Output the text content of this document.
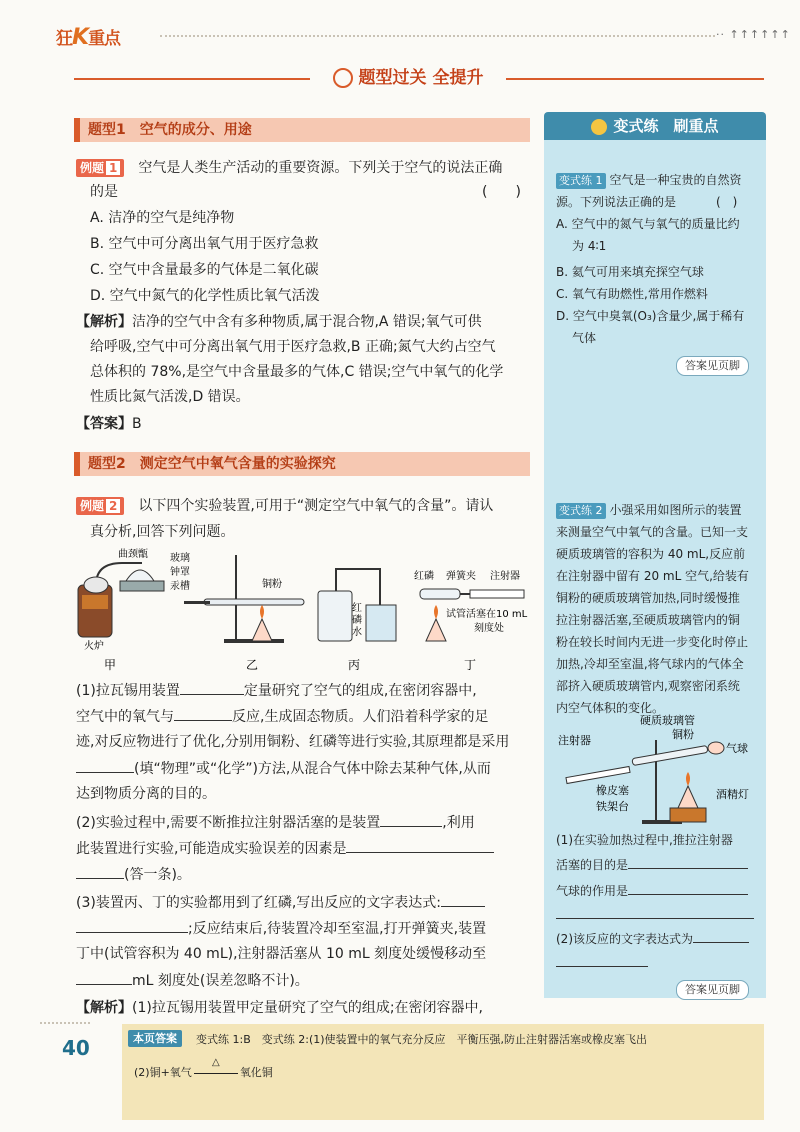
狂K重点	·· ↑↑↑↑↑↑
题型过关 全提升
题型1　空气的成分、用途
例题 1 空气是人类生产活动的重要资源。下列关于空气的说法正确
的是	(　　)
A. 洁净的空气是纯净物
B. 空气中可分离出氧气用于医疗急救
C. 空气中含量最多的气体是二氧化碳
D. 空气中氮气的化学性质比氧气活泼
【解析】洁净的空气中含有多种物质,属于混合物,A 错误;氧气可供
给呼吸,空气中可分离出氧气用于医疗急救,B 正确;氮气大约占空气
总体积的 78%,是空气中含量最多的气体,C 错误;空气中氧气的化学
性质比氮气活泼,D 错误。
【答案】B
题型2　测定空气中氧气含量的实验探究
例题 2 以下四个实验装置,可用于“测定空气中氧气的含量”。请认
真分析,回答下列问题。
曲颈甑 玻璃
钟罩
汞槽
火炉
铜粉
红
磷
水
红磷 弹簧夹 注射器
试管 活塞在10 mL
刻度处
甲	乙	丙	丁
(1)拉瓦锡用装置	定量研究了空气的组成,在密闭容器中,
空气中的氧气与	反应,生成固态物质。人们沿着科学家的足
迹,对反应物进行了优化,分别用铜粉、红磷等进行实验,其原理都是采用
(填“物理”或“化学”)方法,从混合气体中除去某种气体,从而
达到物质分离的目的。
(2)实验过程中,需要不断推拉注射器活塞的是装置	,利用
此装置进行实验,可能造成实验误差的因素是
(答一条)。
(3)装置丙、丁的实验都用到了红磷,写出反应的文字表达式:
;反应结束后,待装置冷却至室温,打开弹簧夹,装置
丁中(试管容积为 40 mL),注射器活塞从 10 mL 刻度处缓慢移动至
mL 刻度处(误差忽略不计)。
【解析】(1)拉瓦锡用装置甲定量研究了空气的组成;在密闭容器中,
变式练　刷重点
变式练 1 空气是一种宝贵的自然资
源。下列说法正确的是	(　)
A. 空气中的氮气与氧气的质量比约
为 4∶1
B. 氦气可用来填充探空气球
C. 氧气有助燃性,常用作燃料
D. 空气中臭氧(O₃)含量少,属于稀有
气体
答案见页脚
变式练 2 小强采用如图所示的装置
来测量空气中氧气的含量。已知一支
硬质玻璃管的容积为 40 mL,反应前
在注射器中留有 20 mL 空气,给装有
铜粉的硬质玻璃管加热,同时缓慢推
拉注射器活塞,至硬质玻璃管内的铜
粉在较长时间内无进一步变化时停止
加热,冷却至室温,将气球内的气体全
部挤入硬质玻璃管内,观察密闭系统
内空气体积的变化。
硬质玻璃管
铜粉
注射器
气球
橡皮塞	酒精灯
铁架台
(1)在实验加热过程中,推拉注射器
活塞的目的是
气球的作用是
(2)该反应的文字表达式为
答案见页脚
40	本页答案	变式练 1:B　变式练 2:(1)使装置中的氧气充分反应　平衡压强,防止注射器活塞或橡皮塞飞出
(2)铜+氧气
△
氧化铜
